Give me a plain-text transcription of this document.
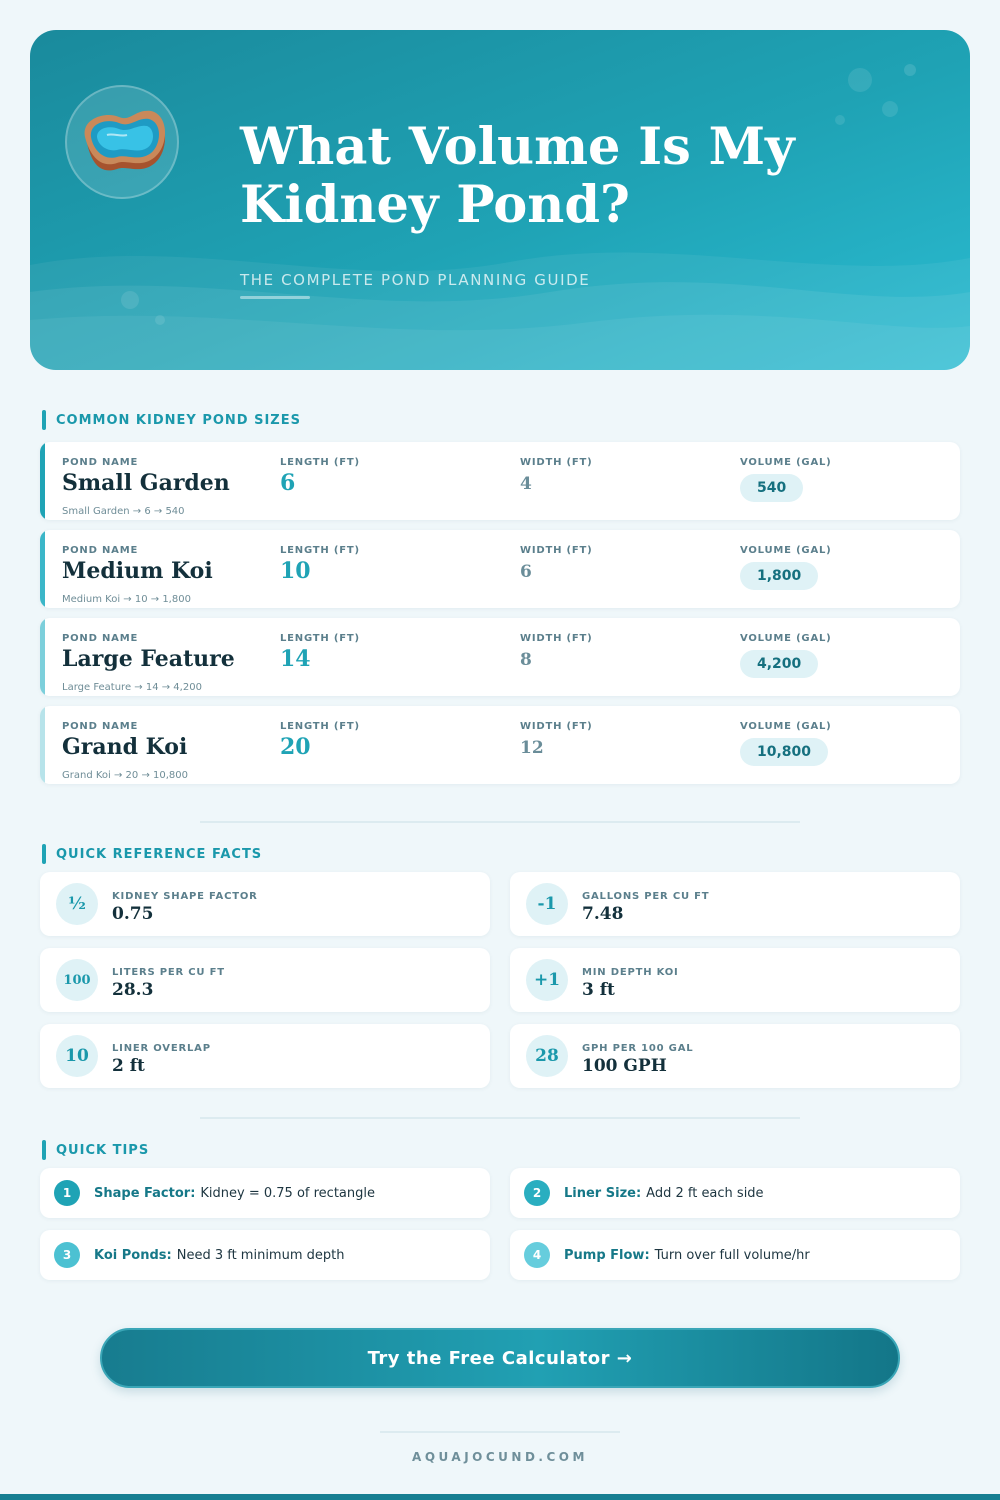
What Volume Is My Kidney Pond?
THE COMPLETE POND PLANNING GUIDE
COMMON KIDNEY POND SIZES
POND NAME
Small Garden
LENGTH (FT)
6
WIDTH (FT)
4
VOLUME (GAL)
540
Small Garden → 6 → 540
POND NAME
Medium Koi
LENGTH (FT)
10
WIDTH (FT)
6
VOLUME (GAL)
1,800
Medium Koi → 10 → 1,800
POND NAME
Large Feature
LENGTH (FT)
14
WIDTH (FT)
8
VOLUME (GAL)
4,200
Large Feature → 14 → 4,200
POND NAME
Grand Koi
LENGTH (FT)
20
WIDTH (FT)
12
VOLUME (GAL)
10,800
Grand Koi → 20 → 10,800
QUICK REFERENCE FACTS
½	KIDNEY SHAPE FACTOR
0.75	-1	GALLONS PER CU FT
7.48
100	LITERS PER CU FT
28.3	+1	MIN DEPTH KOI
3 ft
10	LINER OVERLAP
2 ft	28	GPH PER 100 GAL
100 GPH
QUICK TIPS
1	Shape Factor: Kidney = 0.75 of rectangle	2	Liner Size: Add 2 ft each side
3	Koi Ponds: Need 3 ft minimum depth	4	Pump Flow: Turn over full volume/hr
Try the Free Calculator →
AQUAJOCUND.COM
